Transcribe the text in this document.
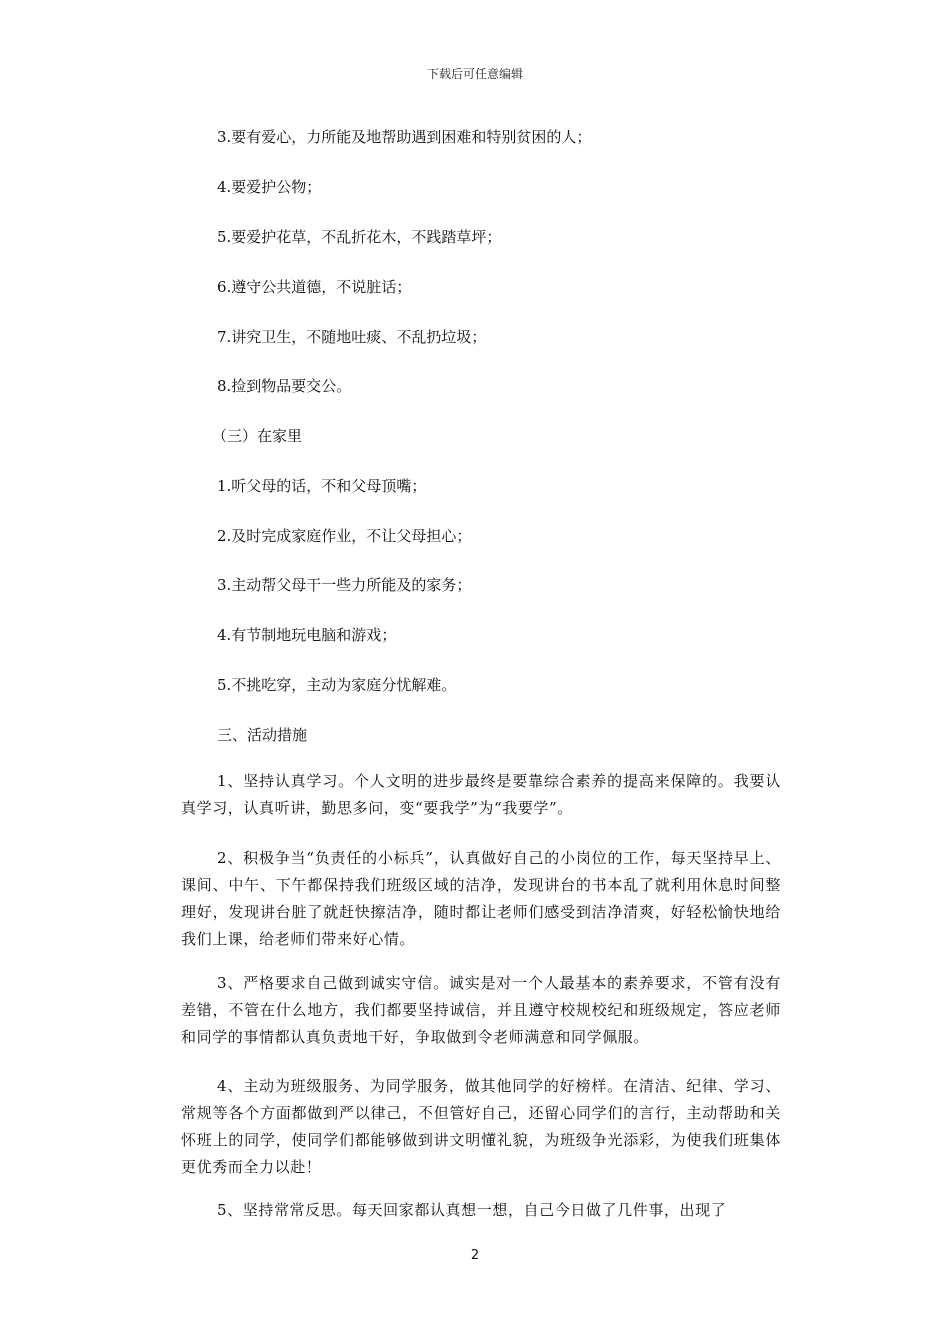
下载后可任意编辑
3.要有爱心，力所能及地帮助遇到困难和特别贫困的人；
4.要爱护公物；
5.要爱护花草，不乱折花木，不践踏草坪；
6.遵守公共道德，不说脏话；
7.讲究卫生，不随地吐痰、不乱扔垃圾；
8.捡到物品要交公。
（三）在家里
1.听父母的话，不和父母顶嘴；
2.及时完成家庭作业，不让父母担心；
3.主动帮父母干一些力所能及的家务；
4.有节制地玩电脑和游戏；
5.不挑吃穿，主动为家庭分忧解难。
三、活动措施
1、坚持认真学习。个人文明的进步最终是要靠综合素养的提高来保障的。我要认真学习，认真听讲，勤思多问，变“要我学”为“我要学”。
2、积极争当“负责任的小标兵”，认真做好自己的小岗位的工作，每天坚持早上、课间、中午、下午都保持我们班级区域的洁净，发现讲台的书本乱了就利用休息时间整理好，发现讲台脏了就赶快擦洁净，随时都让老师们感受到洁净清爽，好轻松愉快地给我们上课，给老师们带来好心情。
3、严格要求自己做到诚实守信。诚实是对一个人最基本的素养要求，不管有没有差错，不管在什么地方，我们都要坚持诚信，并且遵守校规校纪和班级规定，答应老师和同学的事情都认真负责地干好，争取做到令老师满意和同学佩服。
4、主动为班级服务、为同学服务，做其他同学的好榜样。在清洁、纪律、学习、常规等各个方面都做到严以律己，不但管好自己，还留心同学们的言行，主动帮助和关怀班上的同学，使同学们都能够做到讲文明懂礼貌，为班级争光添彩，为使我们班集体更优秀而全力以赴！
5、坚持常常反思。每天回家都认真想一想，自己今日做了几件事，出现了
2
